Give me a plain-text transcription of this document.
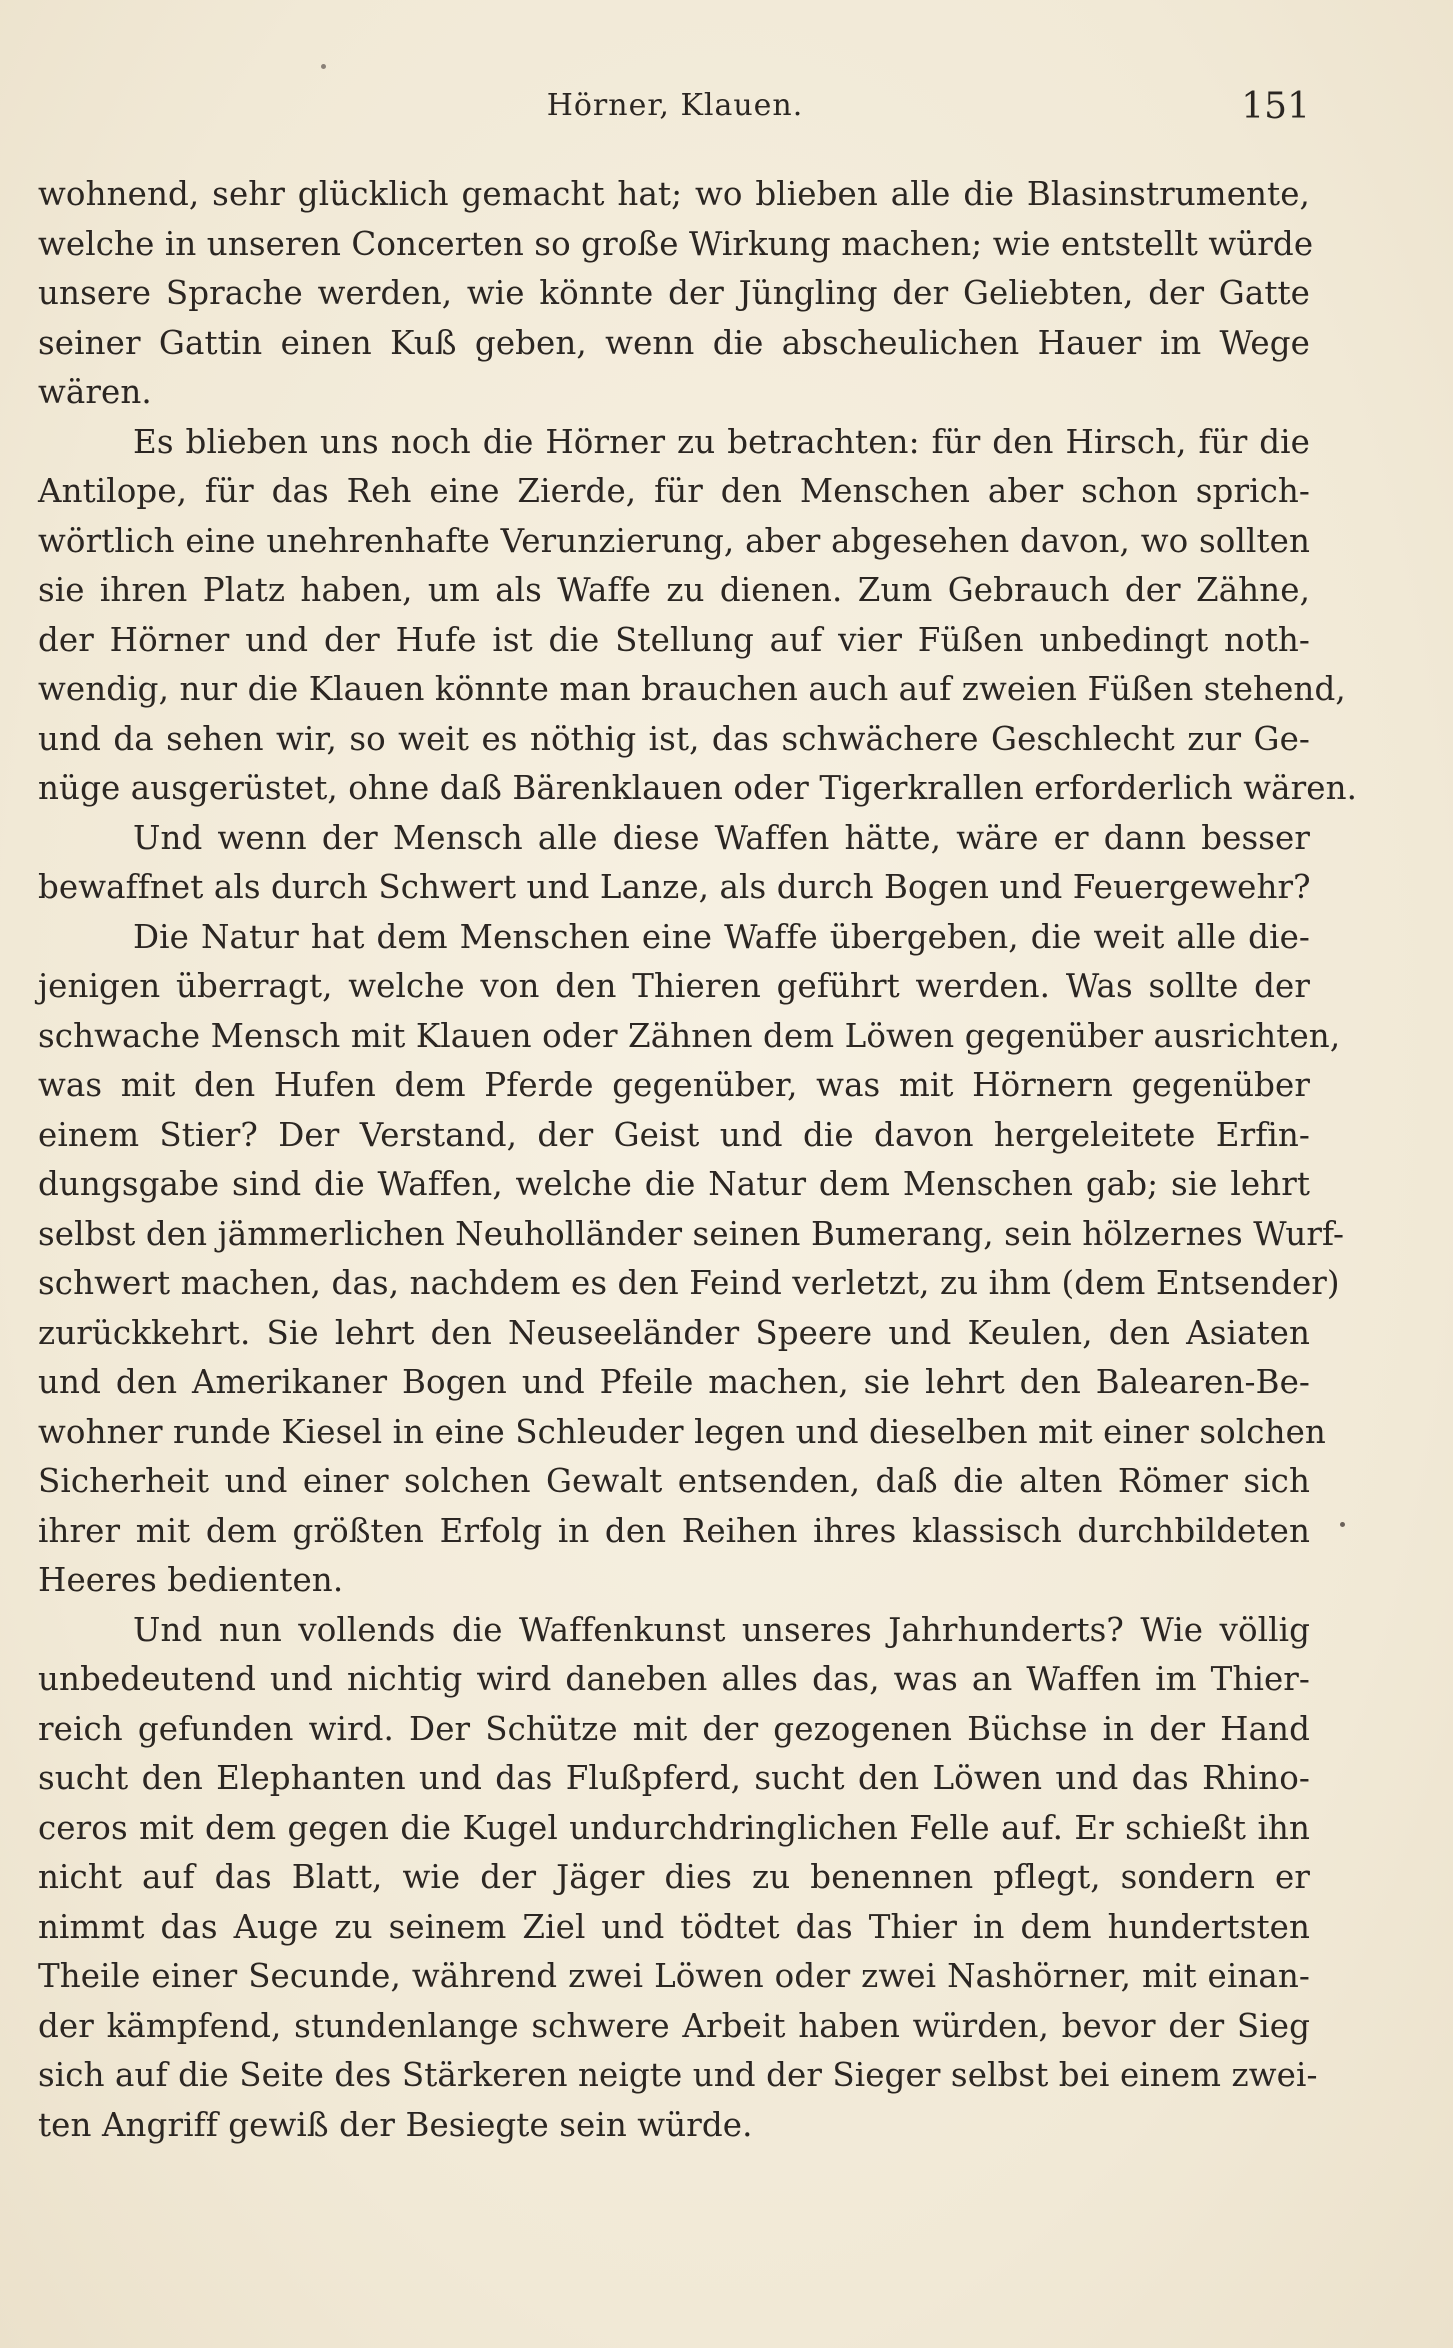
Hörner, Klauen.	151
wohnend, sehr glücklich gemacht hat; wo blieben alle die Blasinstrumente,
welche in unseren Concerten so große Wirkung machen; wie entstellt würde
unsere Sprache werden, wie könnte der Jüngling der Geliebten, der Gatte
seiner Gattin einen Kuß geben, wenn die abscheulichen Hauer im Wege
wären.
Es blieben uns noch die Hörner zu betrachten: für den Hirsch, für die
Antilope, für das Reh eine Zierde, für den Menschen aber schon sprich-
wörtlich eine unehrenhafte Verunzierung, aber abgesehen davon, wo sollten
sie ihren Platz haben, um als Waffe zu dienen. Zum Gebrauch der Zähne,
der Hörner und der Hufe ist die Stellung auf vier Füßen unbedingt noth-
wendig, nur die Klauen könnte man brauchen auch auf zweien Füßen stehend,
und da sehen wir, so weit es nöthig ist, das schwächere Geschlecht zur Ge-
nüge ausgerüstet, ohne daß Bärenklauen oder Tigerkrallen erforderlich wären.
Und wenn der Mensch alle diese Waffen hätte, wäre er dann besser
bewaffnet als durch Schwert und Lanze, als durch Bogen und Feuergewehr?
Die Natur hat dem Menschen eine Waffe übergeben, die weit alle die-
jenigen überragt, welche von den Thieren geführt werden. Was sollte der
schwache Mensch mit Klauen oder Zähnen dem Löwen gegenüber ausrichten,
was mit den Hufen dem Pferde gegenüber, was mit Hörnern gegenüber
einem Stier? Der Verstand, der Geist und die davon hergeleitete Erfin-
dungsgabe sind die Waffen, welche die Natur dem Menschen gab; sie lehrt
selbst den jämmerlichen Neuholländer seinen Bumerang, sein hölzernes Wurf-
schwert machen, das, nachdem es den Feind verletzt, zu ihm (dem Entsender)
zurückkehrt. Sie lehrt den Neuseeländer Speere und Keulen, den Asiaten
und den Amerikaner Bogen und Pfeile machen, sie lehrt den Balearen-Be-
wohner runde Kiesel in eine Schleuder legen und dieselben mit einer solchen
Sicherheit und einer solchen Gewalt entsenden, daß die alten Römer sich
ihrer mit dem größten Erfolg in den Reihen ihres klassisch durchbildeten
Heeres bedienten.
Und nun vollends die Waffenkunst unseres Jahrhunderts? Wie völlig
unbedeutend und nichtig wird daneben alles das, was an Waffen im Thier-
reich gefunden wird. Der Schütze mit der gezogenen Büchse in der Hand
sucht den Elephanten und das Flußpferd, sucht den Löwen und das Rhino-
ceros mit dem gegen die Kugel undurchdringlichen Felle auf. Er schießt ihn
nicht auf das Blatt, wie der Jäger dies zu benennen pflegt, sondern er
nimmt das Auge zu seinem Ziel und tödtet das Thier in dem hundertsten
Theile einer Secunde, während zwei Löwen oder zwei Nashörner, mit einan-
der kämpfend, stundenlange schwere Arbeit haben würden, bevor der Sieg
sich auf die Seite des Stärkeren neigte und der Sieger selbst bei einem zwei-
ten Angriff gewiß der Besiegte sein würde.
